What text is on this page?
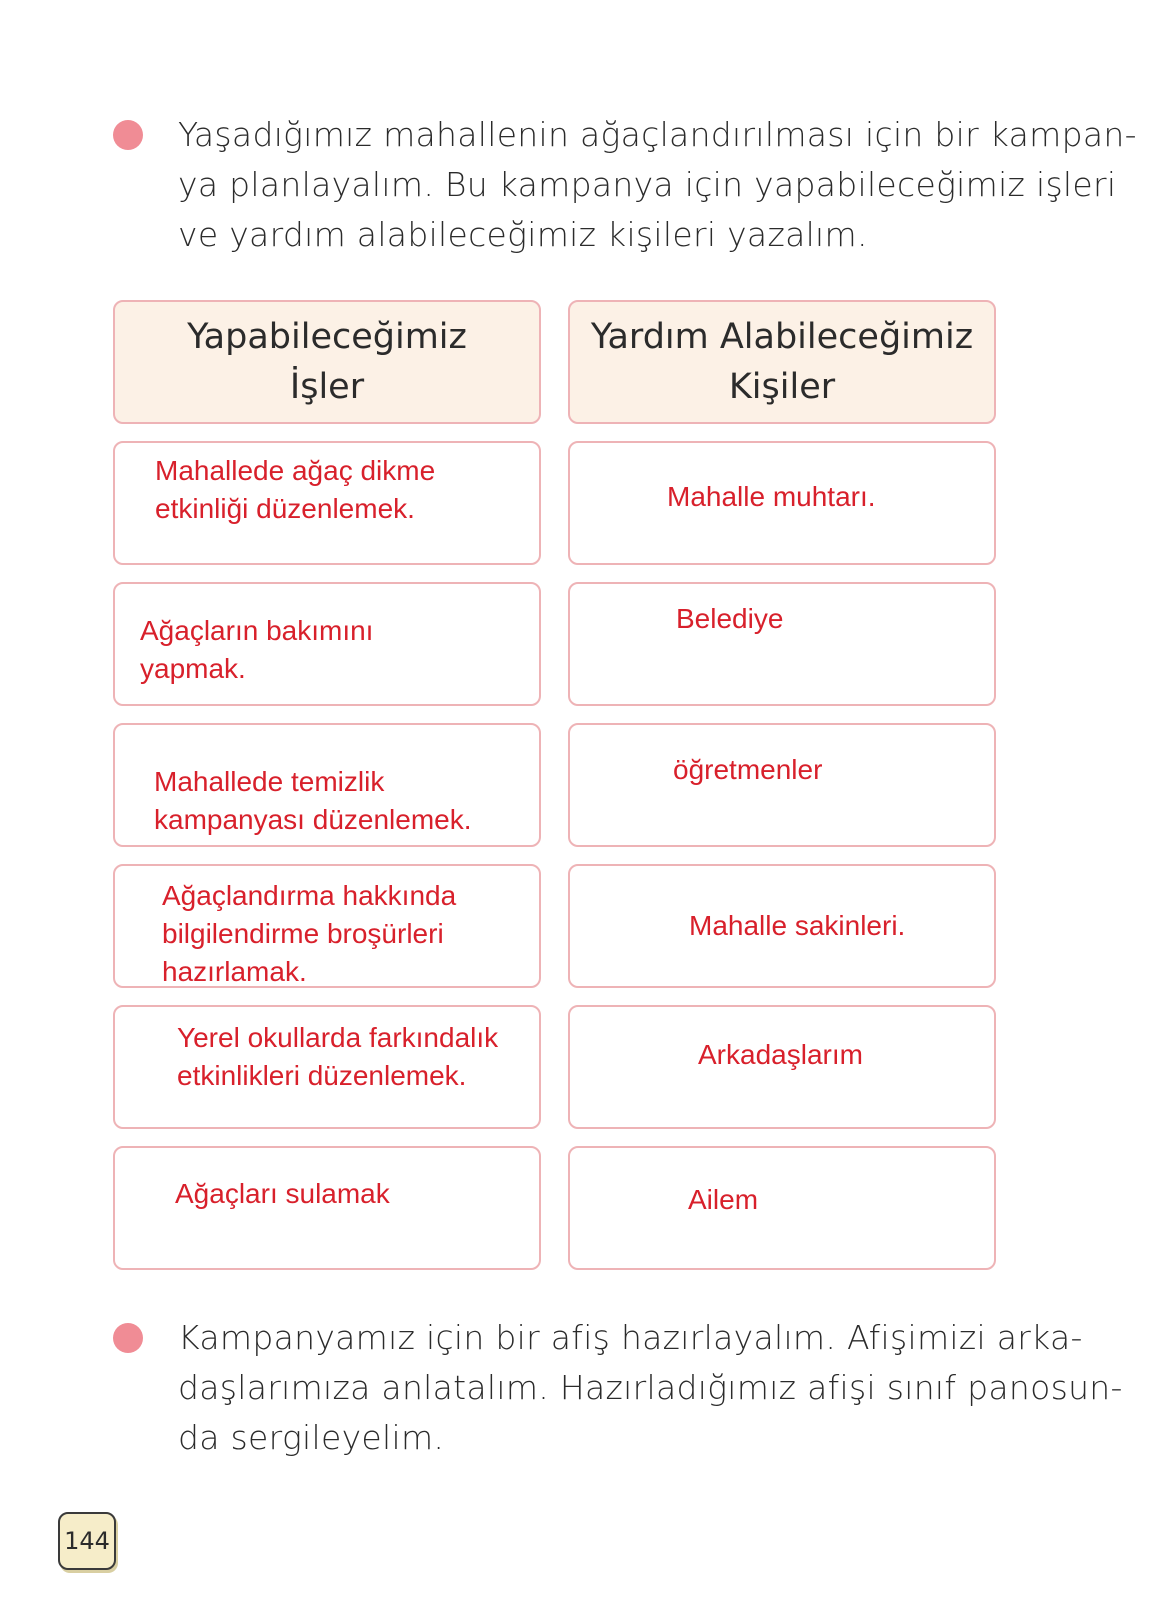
Yaşadığımız mahallenin ağaçlandırılması için bir kampan-
ya planlayalım. Bu kampanya için yapabileceğimiz işleri
ve yardım alabileceğimiz kişileri yazalım.
Yapabileceğimiz
İşler
Yardım Alabileceğimiz
Kişiler
Mahallede ağaç dikme
etkinliği düzenlemek.	Mahalle muhtarı.
Ağaçların bakımını
yapmak.
Belediye
Mahallede temizlik
kampanyası düzenlemek.
öğretmenler
Ağaçlandırma hakkında
bilgilendirme broşürleri
hazırlamak.
Mahalle sakinleri.
Yerel okullarda farkındalık
etkinlikleri düzenlemek.
Arkadaşlarım
Ağaçları sulamak	Ailem
Kampanyamız için bir afiş hazırlayalım. Afişimizi arka-
daşlarımıza anlatalım. Hazırladığımız afişi sınıf panosun-
da sergileyelim.
144
